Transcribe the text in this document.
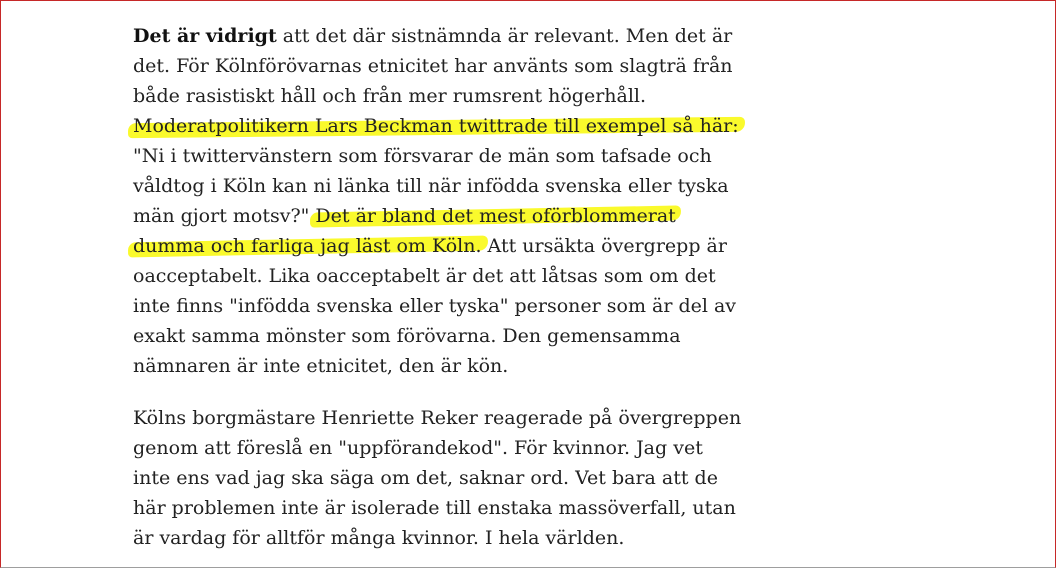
Det är vidrigt att det där sistnämnda är relevant. Men det är
det. För Kölnförövarnas etnicitet har använts som slagträ från
både rasistiskt håll och från mer rumsrent högerhåll.
Moderatpolitikern Lars Beckman twittrade till exempel så här:
"Ni i twittervänstern som försvarar de män som tafsade och
våldtog i Köln kan ni länka till när infödda svenska eller tyska
män gjort motsv?" Det är bland det mest oförblommerat
dumma och farliga jag läst om Köln. Att ursäkta övergrepp är
oacceptabelt. Lika oacceptabelt är det att låtsas som om det
inte finns "infödda svenska eller tyska" personer som är del av
exakt samma mönster som förövarna. Den gemensamma
nämnaren är inte etnicitet, den är kön.
Kölns borgmästare Henriette Reker reagerade på övergreppen
genom att föreslå en "uppförandekod". För kvinnor. Jag vet
inte ens vad jag ska säga om det, saknar ord. Vet bara att de
här problemen inte är isolerade till enstaka massöverfall, utan
är vardag för alltför många kvinnor. I hela världen.
